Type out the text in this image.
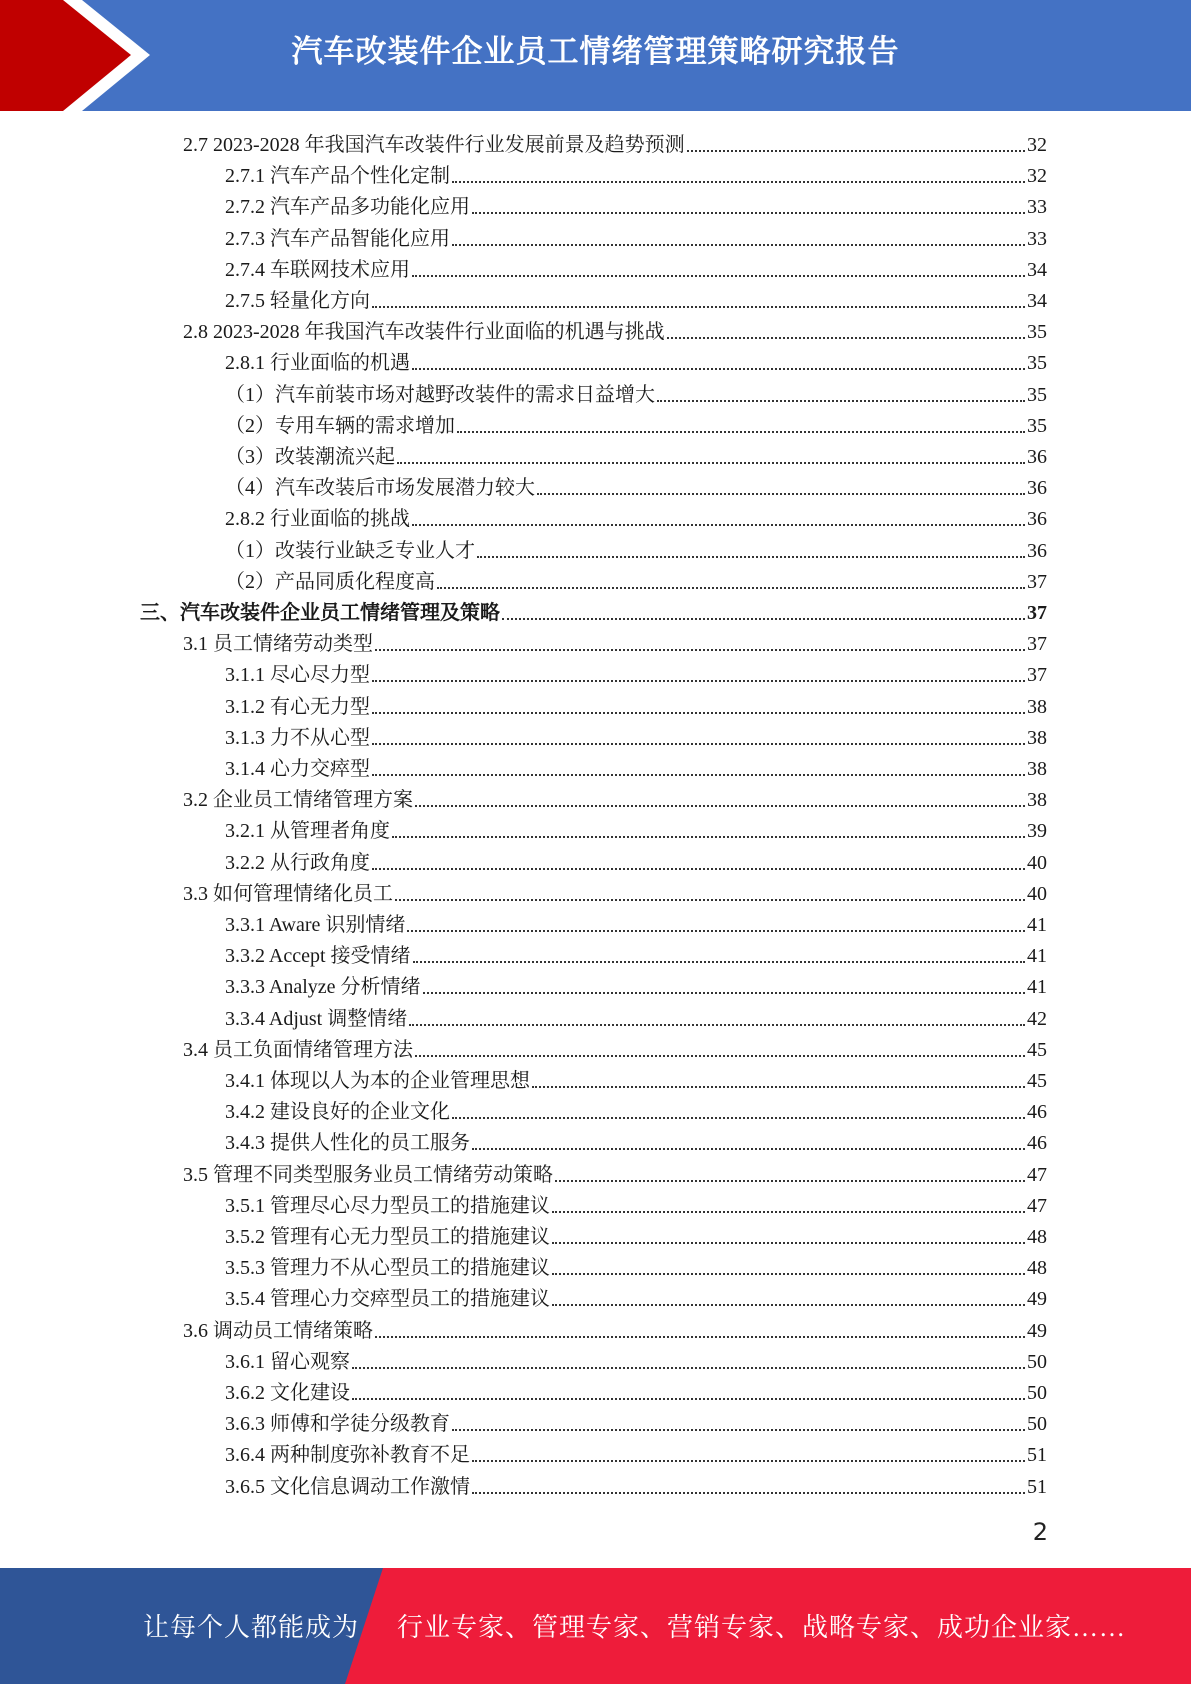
汽车改装件企业员工情绪管理策略研究报告
2.7 2023-2028 年我国汽车改装件行业发展前景及趋势预测	32
2.7.1 汽车产品个性化定制	32
2.7.2 汽车产品多功能化应用	33
2.7.3 汽车产品智能化应用	33
2.7.4 车联网技术应用	34
2.7.5 轻量化方向	34
2.8 2023-2028 年我国汽车改装件行业面临的机遇与挑战	35
2.8.1 行业面临的机遇	35
（1）汽车前装市场对越野改装件的需求日益增大	35
（2）专用车辆的需求增加	35
（3）改装潮流兴起	36
（4）汽车改装后市场发展潜力较大	36
2.8.2 行业面临的挑战	36
（1）改装行业缺乏专业人才	36
（2）产品同质化程度高	37
三、汽车改装件企业员工情绪管理及策略	37
3.1 员工情绪劳动类型	37
3.1.1 尽心尽力型	37
3.1.2 有心无力型	38
3.1.3 力不从心型	38
3.1.4 心力交瘁型	38
3.2 企业员工情绪管理方案	38
3.2.1 从管理者角度	39
3.2.2 从行政角度	40
3.3 如何管理情绪化员工	40
3.3.1 Aware 识别情绪	41
3.3.2 Accept 接受情绪	41
3.3.3 Analyze 分析情绪	41
3.3.4 Adjust 调整情绪	42
3.4 员工负面情绪管理方法	45
3.4.1 体现以人为本的企业管理思想	45
3.4.2 建设良好的企业文化	46
3.4.3 提供人性化的员工服务	46
3.5 管理不同类型服务业员工情绪劳动策略	47
3.5.1 管理尽心尽力型员工的措施建议	47
3.5.2 管理有心无力型员工的措施建议	48
3.5.3 管理力不从心型员工的措施建议	48
3.5.4 管理心力交瘁型员工的措施建议	49
3.6 调动员工情绪策略	49
3.6.1 留心观察	50
3.6.2 文化建设	50
3.6.3 师傅和学徒分级教育	50
3.6.4 两种制度弥补教育不足	51
3.6.5 文化信息调动工作激情	51
2
让每个人都能成为 行业专家、管理专家、营销专家、战略专家、成功企业家……
